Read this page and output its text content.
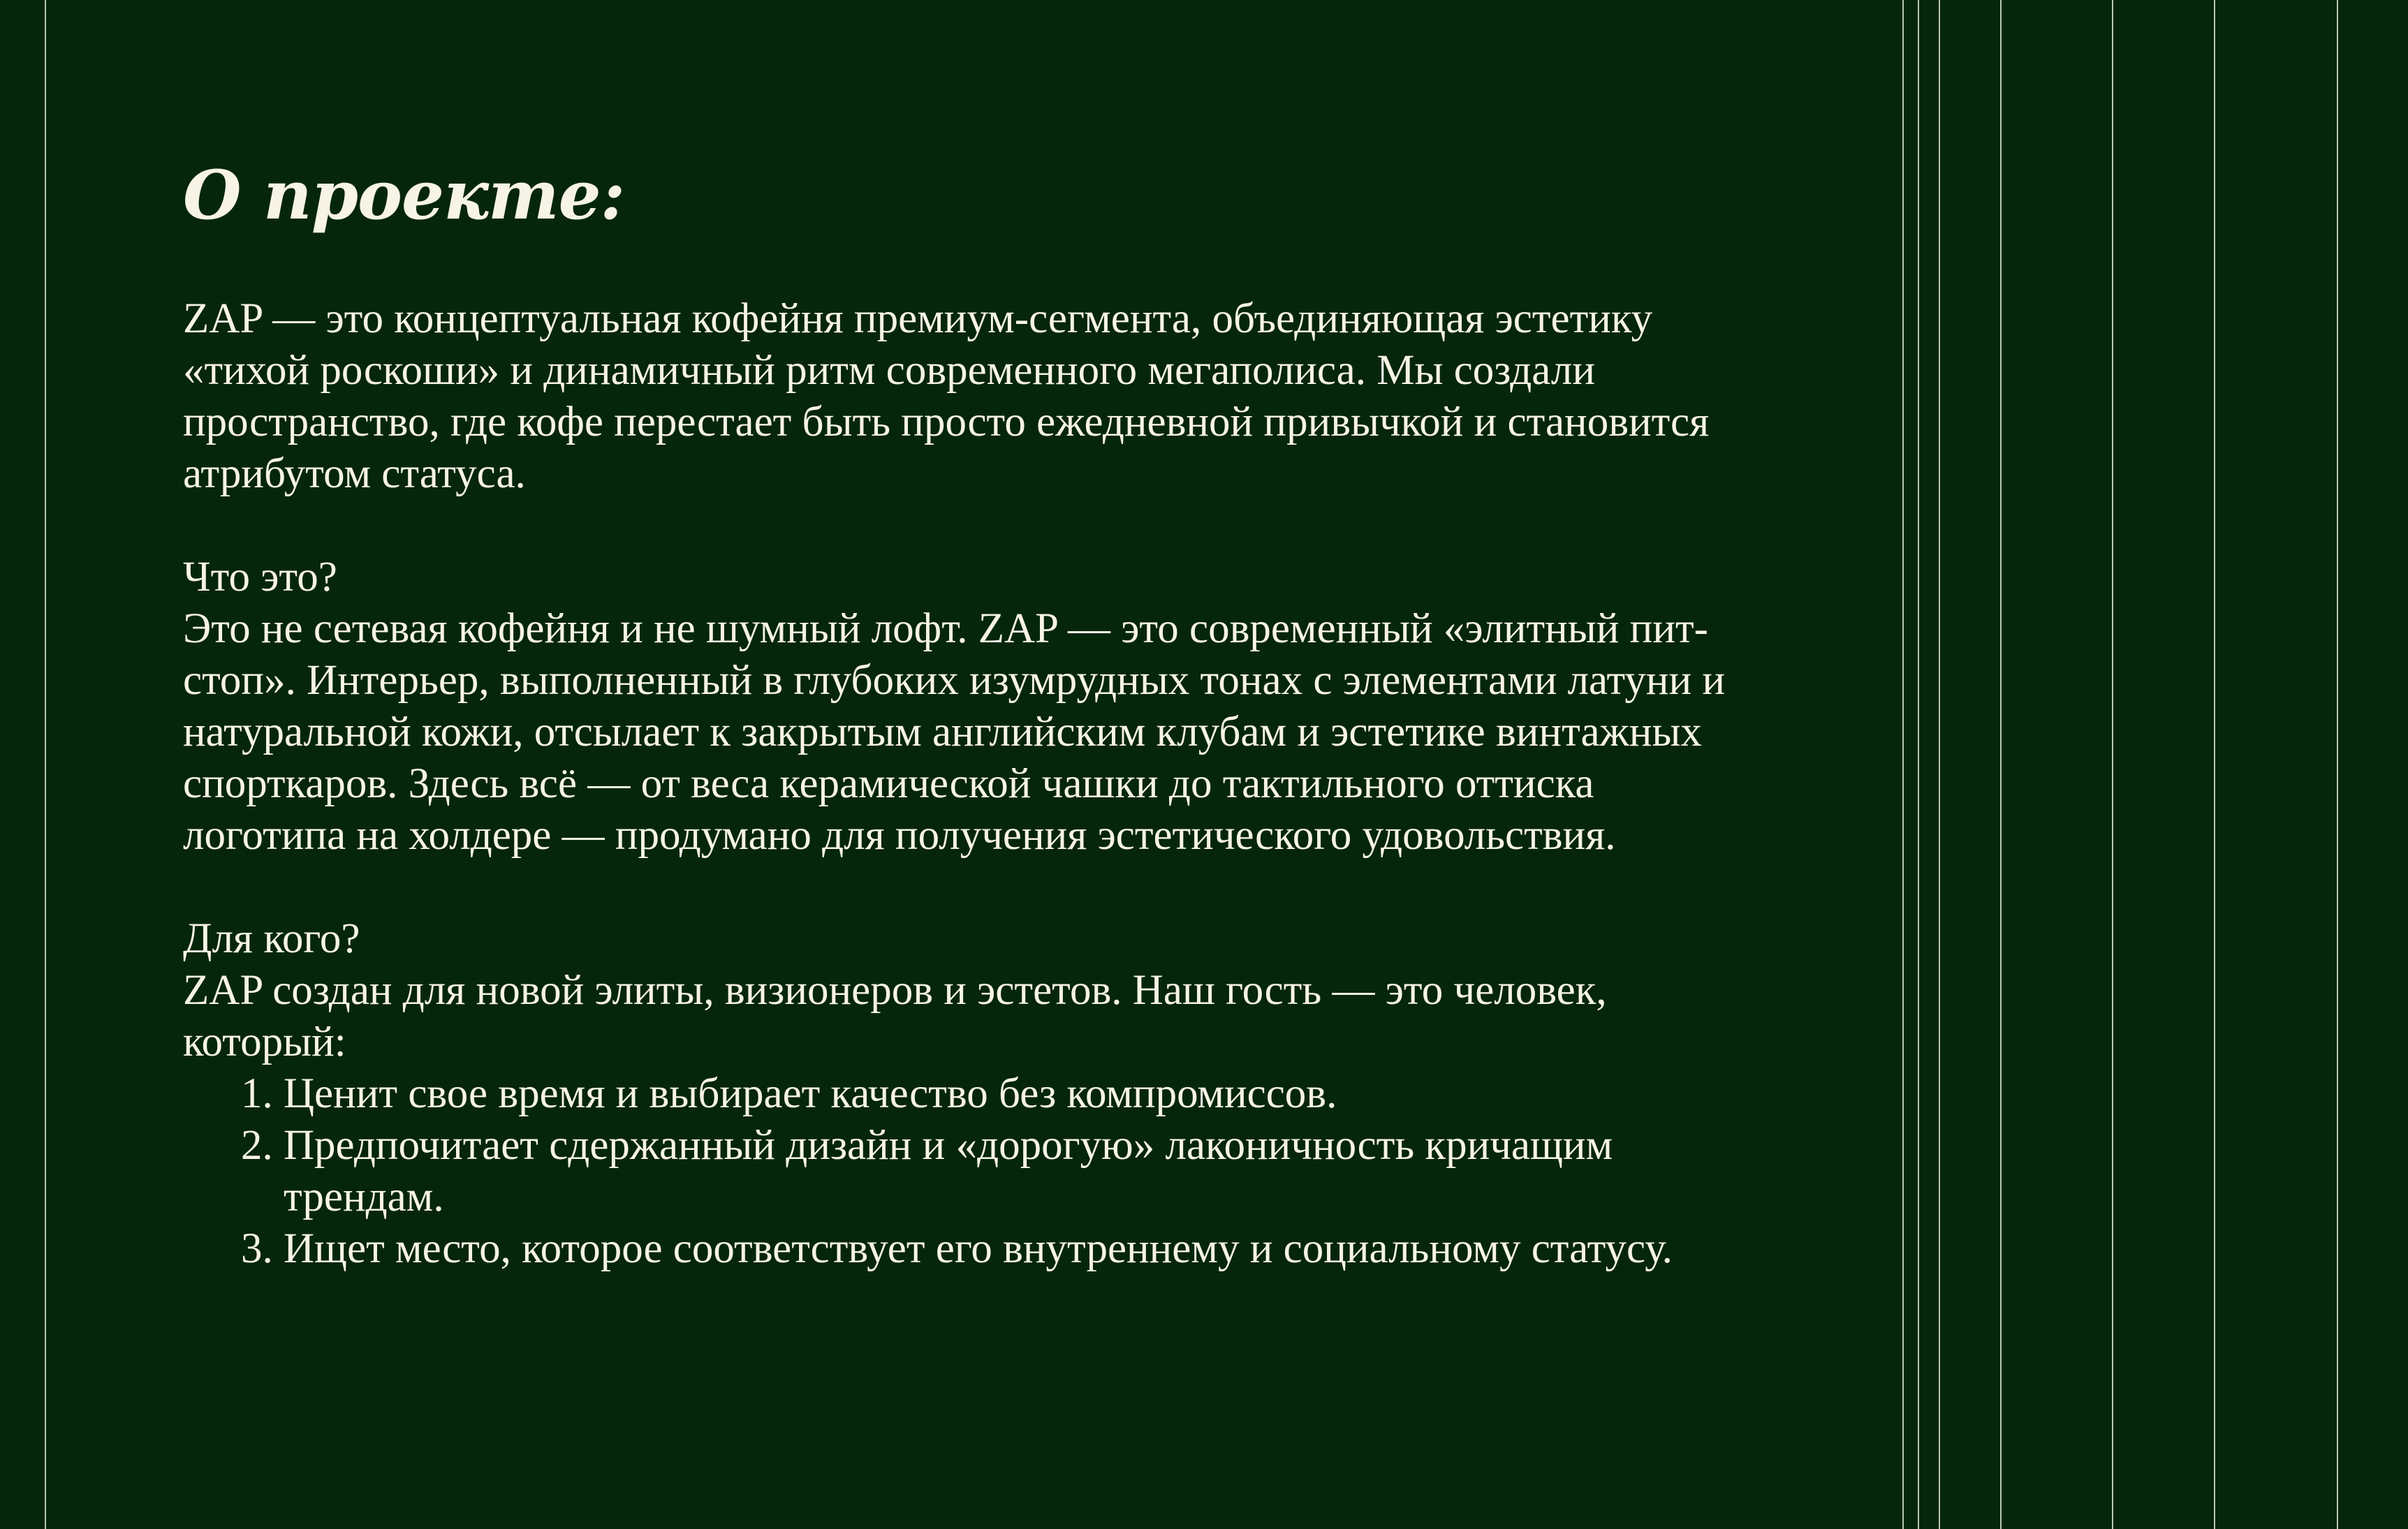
О проекте:

ZAP — это концептуальная кофейня премиум-сегмента, объединяющая эстетику «тихой роскоши» и динамичный ритм современного мегаполиса. Мы создали пространство, где кофе перестает быть просто ежедневной привычкой и становится атрибутом статуса.

Что это?

Это не сетевая кофейня и не шумный лофт. ZAP — это современный «элитный пит-стоп». Интерьер, выполненный в глубоких изумрудных тонах с элементами латуни и натуральной кожи, отсылает к закрытым английским клубам и эстетике винтажных спорткаров. Здесь всё — от веса керамической чашки до тактильного оттиска логотипа на холдере — продумано для получения эстетического удовольствия.

Для кого?

ZAP создан для новой элиты, визионеров и эстетов. Наш гость — это человек, который:

1. Ценит свое время и выбирает качество без компромиссов.
2. Предпочитает сдержанный дизайн и «дорогую» лаконичность кричащим трендам.
3. Ищет место, которое соответствует его внутреннему и социальному статусу.
